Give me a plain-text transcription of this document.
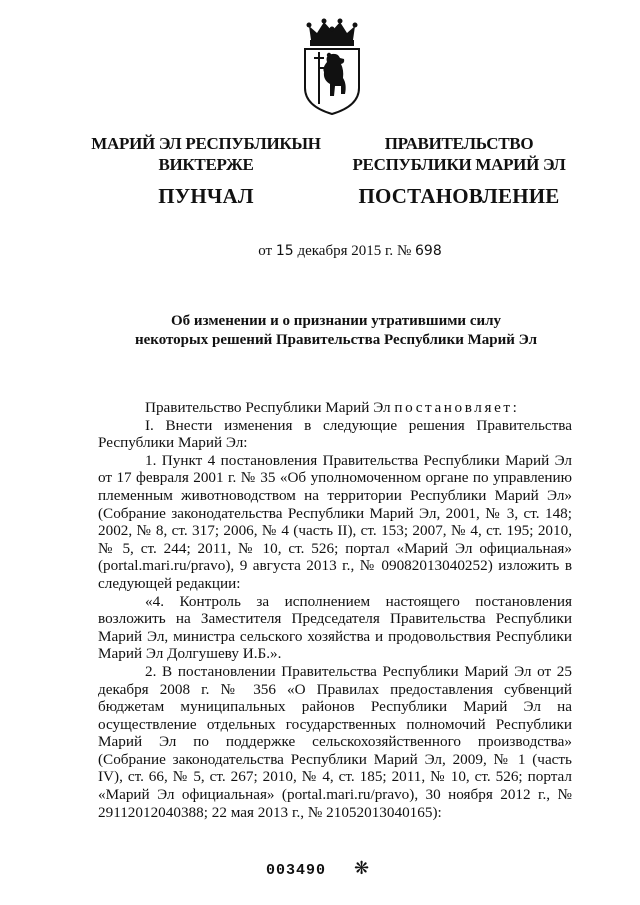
МАРИЙ ЭЛ РЕСПУБЛИКЫН
ВИКТЕРЖЕ
ПУНЧАЛ
ПРАВИТЕЛЬСТВО
РЕСПУБЛИКИ МАРИЙ ЭЛ
ПОСТАНОВЛЕНИЕ
от 15 декабря 2015 г. № 698
Об изменении и о признании утратившими силу
некоторых решений Правительства Республики Марий Эл

Правительство Республики Марий Эл постановляет:

I. Внести изменения в следующие решения Правительства Республики Марий Эл:

1. Пункт 4 постановления Правительства Республики Марий Эл от 17 февраля 2001 г. № 35 «Об уполномоченном органе по управлению племенным животноводством на территории Республики Марий Эл» (Собрание законодательства Республики Марий Эл, 2001, № 3, ст. 148; 2002, № 8, ст. 317; 2006, № 4 (часть II), ст. 153; 2007, № 4, ст. 195; 2010, № 5, ст. 244; 2011, № 10, ст. 526; портал «Марий Эл официальная» (portal.mari.ru/pravo), 9 августа 2013 г., № 09082013040252) изложить в следующей редакции:

«4. Контроль за исполнением настоящего постановления возложить на Заместителя Председателя Правительства Республики Марий Эл, министра сельского хозяйства и продовольствия Республики Марий Эл Долгушеву И.Б.».

2. В постановлении Правительства Республики Марий Эл от 25 декабря 2008 г. № 356 «О Правилах предоставления субвенций бюджетам муниципальных районов Республики Марий Эл на осуществление отдельных государственных полномочий Республики Марий Эл по поддержке сельскохозяйственного производства» (Собрание законодательства Республики Марий Эл, 2009, № 1 (часть IV), ст. 66, № 5, ст. 267; 2010, № 4, ст. 185; 2011, № 10, ст. 526; портал «Марий Эл официальная» (portal.mari.ru/pravo), 30 ноября 2012 г., № 29112012040388; 22 мая 2013 г., № 21052013040165):

003490 ❋
